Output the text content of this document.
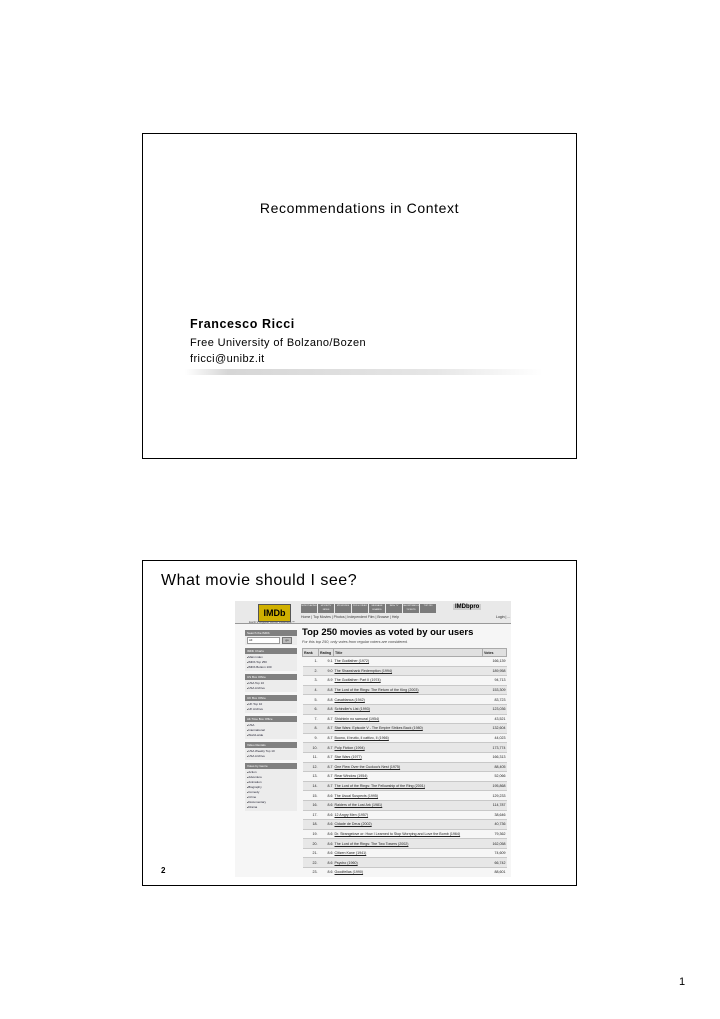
Recommendations in Context
Francesco Ricci
Free University of Bolzano/Bozen
fricci@unibz.it
What movie should I see?
IMDb
Earth's Biggest Movie Database™
NOW PLAYING	MOVIE/TV NEWS
MY MOVIES	DVD & VIDEO	MESSAGE BOARDS
IMDb TV	SHOWTIMES & TICKETS
TOP 250	IMDbpro
Home | Top Movies | Photos | Independent Film | Browse | Help	Login | ...
Search the IMDb
All	go
IMDb Charts
■ Main index
■ IMDb Top 250
■ IMDb Bottom 100
US Box Office
■ USA Top 10
■ USA Archive
UK Box Office
■ UK Top 10
■ UK Archive
All-Time Box Office
■ USA
■ International
■ World-wide
Video Rentals
■ USA Weekly Top 10
■ USA Archive
Votes by Genre
■ Action
■ Adventure
■ Animation
■ Biography
■ Comedy
■ Crime
■ Documentary
■ Drama
Top 250 movies as voted by our users
For this top 250, only votes from regular voters are considered.
Rank	Rating	Title	Votes
1.	9.1	The Godfather (1972)	166,139
2.	9.0	The Shawshank Redemption (1994)	189,958
3.	8.9	The Godfather: Part II (1974)	94,713
4.	8.8	The Lord of the Rings: The Return of the King (2003)	153,309
5.	8.8	Casablanca (1942)	83,723
6.	8.8	Schindler's List (1993)	123,036
7.	8.7	Shichinin no samurai (1954)	43,521
8.	8.7	Star Wars: Episode V - The Empire Strikes Back (1980)	132,604
9.	8.7	Buono, il brutto, il cattivo, Il (1966)	44,023
10.	8.7	Pulp Fiction (1994)	173,774
11.	8.7	Star Wars (1977)	166,313
12.	8.7	One Flew Over the Cuckoo's Nest (1975)	88,405
13.	8.7	Rear Window (1954)	52,066
14.	8.7	The Lord of the Rings: The Fellowship of the Ring (2001)	195,868
15.	8.6	The Usual Suspects (1995)	129,233
16.	8.6	Raiders of the Lost Ark (1981)	114,787
17.	8.6	12 Angry Men (1957)	38,646
18.	8.6	Cidade de Deus (2002)	40,736
19.	8.6	Dr. Strangelove or: How I Learned to Stop Worrying and Love the Bomb (1964)	79,362
20.	8.6	The Lord of the Rings: The Two Towers (2002)	162,058
21.	8.6	Citizen Kane (1941)	74,609
22.	8.6	Psycho (1960)	66,742
23.	8.6	Goodfellas (1990)	88,601
2
1
